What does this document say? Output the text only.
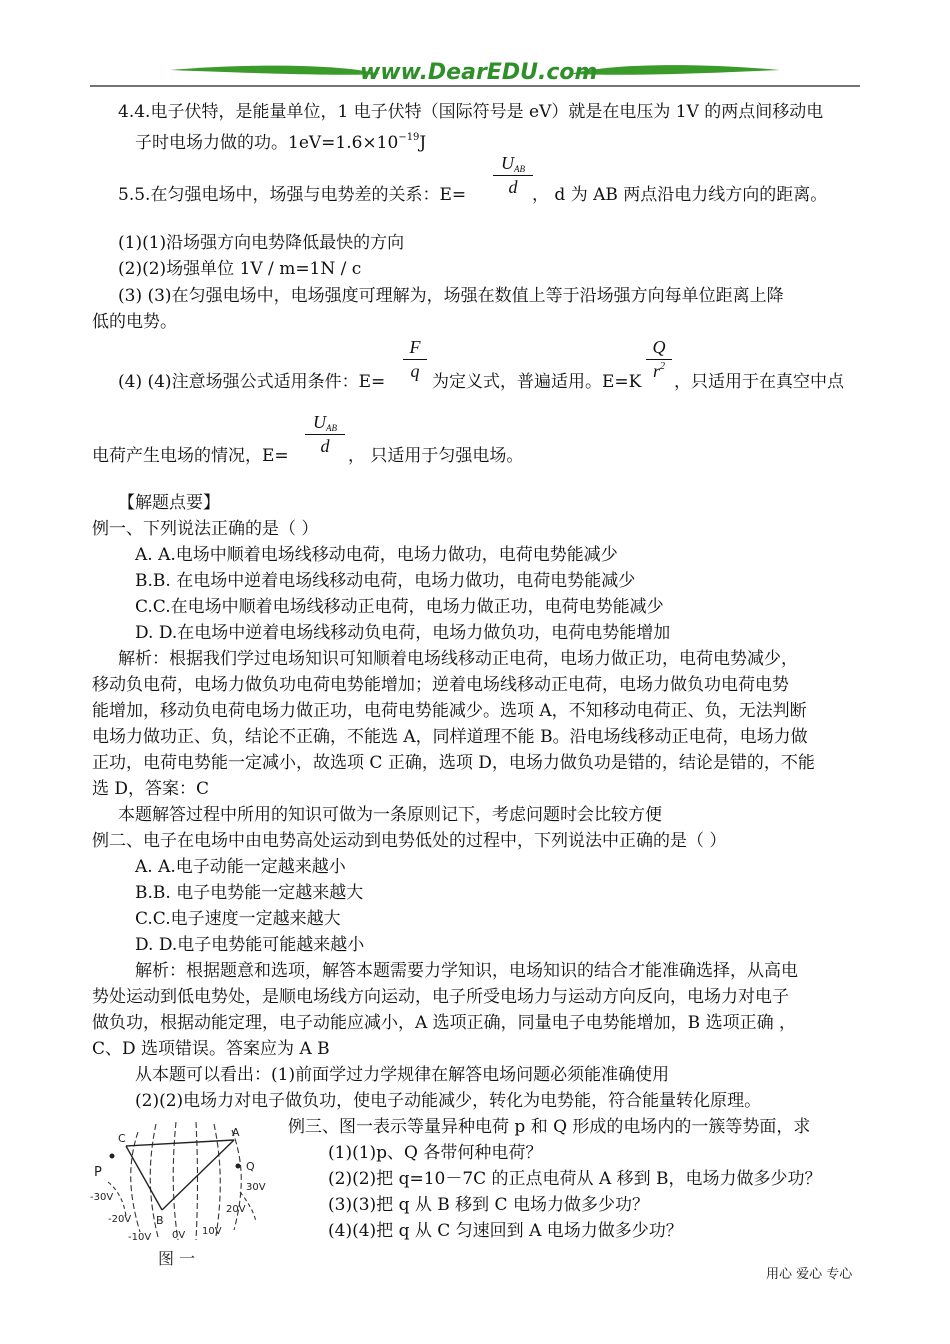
www.DearEDU.com
4.4.电子伏特，是能量单位，1 电子伏特（国际符号是 eV）就是在电压为 1V 的两点间移动电
子时电场力做的功。$1eV=1.6\times 10^{-19}J$
5.5.在匀强电场中，场强与电势差的关系：E=
$U_{AB}$
d ， d 为 AB 两点沿电力线方向的距离。
(1)(1)沿场强方向电势降低最快的方向
(2)(2)场强单位 1V / m=1N / c
(3) (3)在匀强电场中，电场强度可理解为，场强在数值上等于沿场强方向每单位距离上降
低的电势。
(4) (4)注意场强公式适用条件：E=
F
q
为定义式，普遍适用。E=K
Q
$r^2$
，只适用于在真空中点
电荷产生电场的情况，E=
$U_{AB}$
d	， 只适用于匀强电场。
【解题点要】
例一、下列说法正确的是（ ）
A. A.电场中顺着电场线移动电荷，电场力做功，电荷电势能减少
B.B. 在电场中逆着电场线移动电荷，电场力做功，电荷电势能减少
C.C.在电场中顺着电场线移动正电荷，电场力做正功，电荷电势能减少
D. D.在电场中逆着电场线移动负电荷，电场力做负功，电荷电势能增加
解析：根据我们学过电场知识可知顺着电场线移动正电荷，电场力做正功，电荷电势减少，
移动负电荷，电场力做负功电荷电势能增加；逆着电场线移动正电荷，电场力做负功电荷电势
能增加，移动负电荷电场力做正功，电荷电势能减少。选项 A，不知移动电荷正、负，无法判断
电场力做功正、负，结论不正确，不能选 A，同样道理不能 B。沿电场线移动正电荷，电场力做
正功，电荷电势能一定减小，故选项 C 正确，选项 D，电场力做负功是错的，结论是错的，不能
选 D，答案：C
本题解答过程中所用的知识可做为一条原则记下，考虑问题时会比较方便
例二、电子在电场中由电势高处运动到电势低处的过程中，下列说法中正确的是（ ）
A. A.电子动能一定越来越小
B.B. 电子电势能一定越来越大
C.C.电子速度一定越来越大
D. D.电子电势能可能越来越小
解析：根据题意和选项，解答本题需要力学知识，电场知识的结合才能准确选择，从高电
势处运动到低电势处，是顺电场线方向运动，电子所受电场力与运动方向反向，电场力对电子
做负功，根据动能定理，电子动能应减小，A 选项正确，同量电子电势能增加，B 选项正确 ，
C、D 选项错误。答案应为 A B
从本题可以看出：(1)前面学过力学规律在解答电场问题必须能准确使用
(2)(2)电场力对电子做负功，使电子动能减少，转化为电势能，符合能量转化原理。
例三、图一表示等量异种电荷 p 和 Q 形成的电场内的一簇等势面，求
(1)(1)p、Q 各带何种电荷？
(2)(2)把 q=10－7C 的正点电荷从 A 移到 B，电场力做多少功？
(3)(3)把 q 从 B 移到 C 电场力做多少功？
(4)(4)把 q 从 C 匀速回到 A 电场力做多少功？
C	A
P	Q
B
-30V
-20V
-10V 0V 10V
20V
30V
图 一
用心 爱心 专心
